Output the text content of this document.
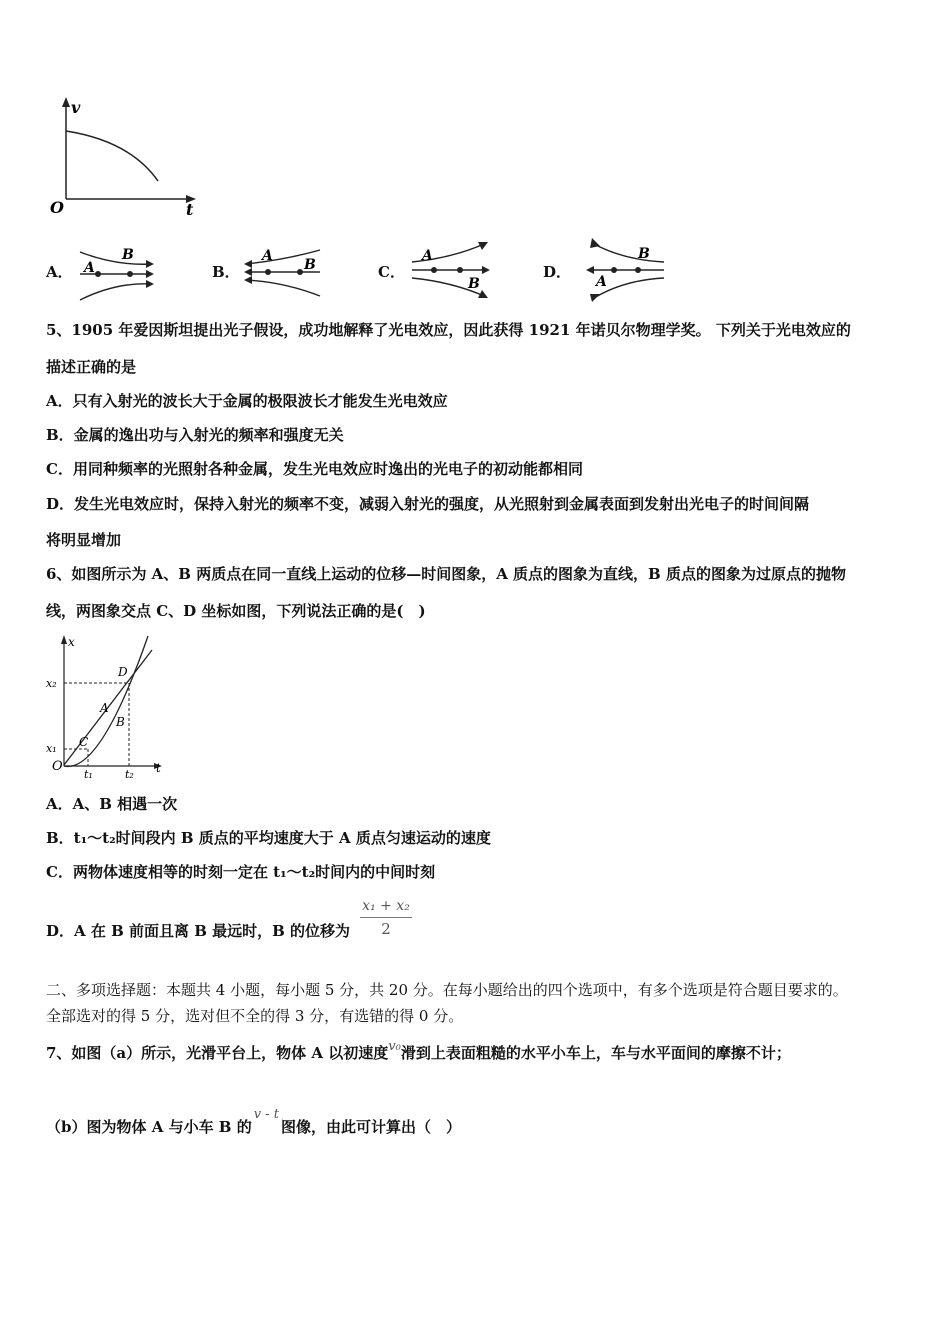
v
t
O
A．
B
A	B．
A
B	C．
A
B
D．
B
A
5、1905 年爱因斯坦提出光子假设，成功地解释了光电效应，因此获得 1921 年诺贝尔物理学奖。 下列关于光电效应的
描述正确的是
A．只有入射光的波长大于金属的极限波长才能发生光电效应
B．金属的逸出功与入射光的频率和强度无关
C．用同种频率的光照射各种金属，发生光电效应时逸出的光电子的初动能都相同
D．发生光电效应时，保持入射光的频率不变，减弱入射光的强度，从光照射到金属表面到发射出光电子的时间间隔
将明显增加
6、如图所示为 A、B 两质点在同一直线上运动的位移—时间图象，A 质点的图象为直线，B 质点的图象为过原点的抛物
线，两图象交点 C、D 坐标如图，下列说法正确的是(　)
x
t
O
x₂
x₁
t₁	t₂
A
B
C
D
A．A、B 相遇一次
B．t₁～t₂时间段内 B 质点的平均速度大于 A 质点匀速运动的速度
C．两物体速度相等的时刻一定在 t₁～t₂时间内的中间时刻
D．A 在 B 前面且离 B 最远时，B 的位移为
x₁ + x₂
2
二、多项选择题：本题共 4 小题，每小题 5 分，共 20 分。在每小题给出的四个选项中，有多个选项是符合题目要求的。
全部选对的得 5 分，选对但不全的得 3 分，有选错的得 0 分。
7、如图（a）所示，光滑平台上，物体 A 以初速度v₀滑到上表面粗糙的水平小车上，车与水平面间的摩擦不计；
（b）图为物体 A 与小车 B 的v - t图像，由此可计算出（　）
